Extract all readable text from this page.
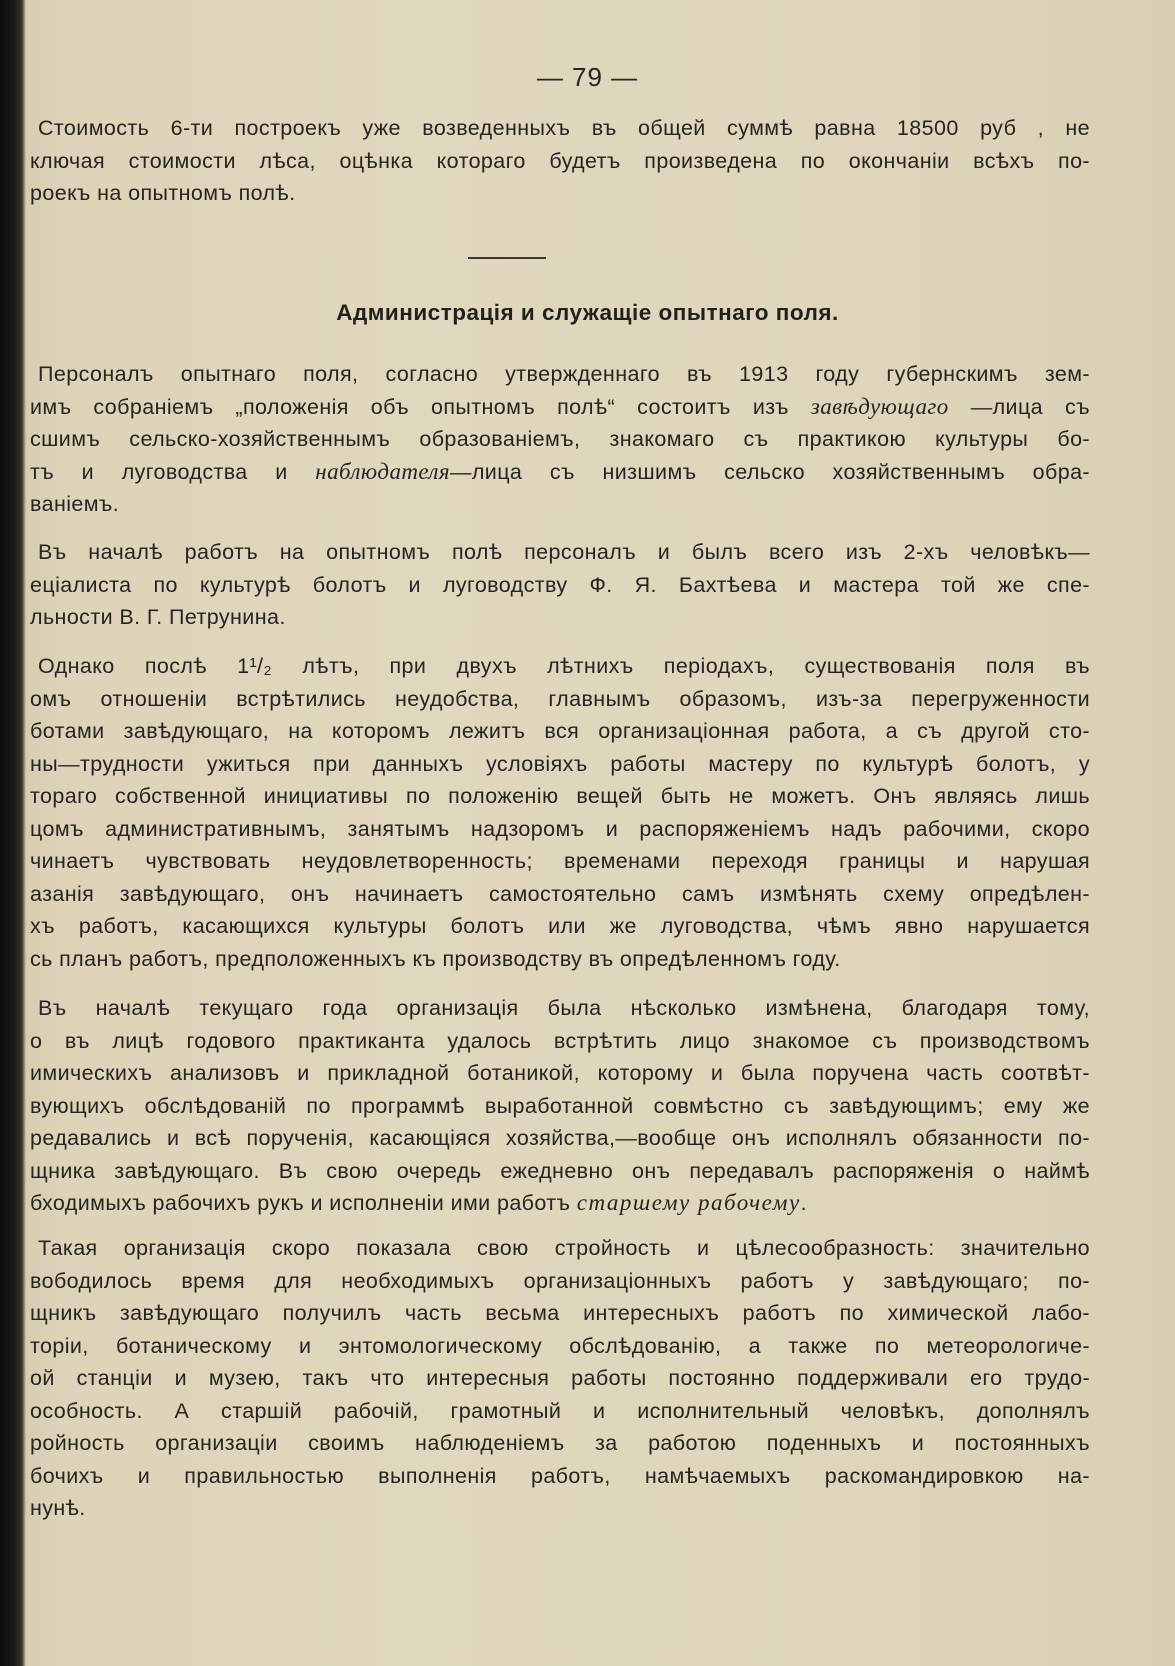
— 79 —
Стоимость 6-ти построекъ уже возведенныхъ въ общей суммѣ равна 18500 руб , не
ключая стоимости лѣса, оцѣнка котораго будетъ произведена по окончаніи всѣхъ по-
роекъ на опытномъ полѣ.
Администрація и служащіе опытнаго поля.
Персоналъ опытнаго поля, согласно утвержденнаго въ 1913 году губернскимъ зем-
имъ собраніемъ „положенія объ опытномъ полѣ“ состоитъ изъ завѣдующаго —лица съ
сшимъ сельско-хозяйственнымъ образованіемъ, знакомаго съ практикою культуры бо-
тъ и луговодства и наблюдателя—лица съ низшимъ сельско хозяйственнымъ обра-
ваніемъ.
Въ началѣ работъ на опытномъ полѣ персоналъ и былъ всего изъ 2-хъ человѣкъ—
еціалиста по культурѣ болотъ и луговодству Ф. Я. Бахтѣева и мастера той же спе-
льности В. Г. Петрунина.
Однако послѣ 1¹/₂ лѣтъ, при двухъ лѣтнихъ періодахъ, существованія поля въ
омъ отношеніи встрѣтились неудобства, главнымъ образомъ, изъ-за перегруженности
ботами завѣдующаго, на которомъ лежитъ вся организаціонная работа, а съ другой сто-
ны—трудности ужиться при данныхъ условіяхъ работы мастеру по культурѣ болотъ, у
тораго собственной инициативы по положенію вещей быть не можетъ. Онъ являясь лишь
цомъ административнымъ, занятымъ надзоромъ и распоряженіемъ надъ рабочими, скоро
чинаетъ чувствовать неудовлетворенность; временами переходя границы и нарушая
азанія завѣдующаго, онъ начинаетъ самостоятельно самъ измѣнять схему опредѣлен-
хъ работъ, касающихся культуры болотъ или же луговодства, чѣмъ явно нарушается
сь планъ работъ, предположенныхъ къ производству въ опредѣленномъ году.
Въ началѣ текущаго года организація была нѣсколько измѣнена, благодаря тому,
о въ лицѣ годового практиканта удалось встрѣтить лицо знакомое съ производствомъ
имическихъ анализовъ и прикладной ботаникой, которому и была поручена часть соотвѣт-
вующихъ обслѣдованій по программѣ выработанной совмѣстно съ завѣдующимъ; ему же
редавались и всѣ порученія, касающіяся хозяйства,—вообще онъ исполнялъ обязанности по-
щника завѣдующаго. Въ свою очередь ежедневно онъ передавалъ распоряженія о наймѣ
бходимыхъ рабочихъ рукъ и исполненіи ими работъ старшему рабочему.
Такая организація скоро показала свою стройность и цѣлесообразность: значительно
вободилось время для необходимыхъ организаціонныхъ работъ у завѣдующаго; по-
щникъ завѣдующаго получилъ часть весьма интересныхъ работъ по химической лабо-
торіи, ботаническому и энтомологическому обслѣдованію, а также по метеорологиче-
ой станціи и музею, такъ что интересныя работы постоянно поддерживали его трудо-
особность. А старшій рабочій, грамотный и исполнительный человѣкъ, дополнялъ
ройность организаціи своимъ наблюденіемъ за работою поденныхъ и постоянныхъ
бочихъ и правильностью выполненія работъ, намѣчаемыхъ раскомандировкою на-
нунѣ.
